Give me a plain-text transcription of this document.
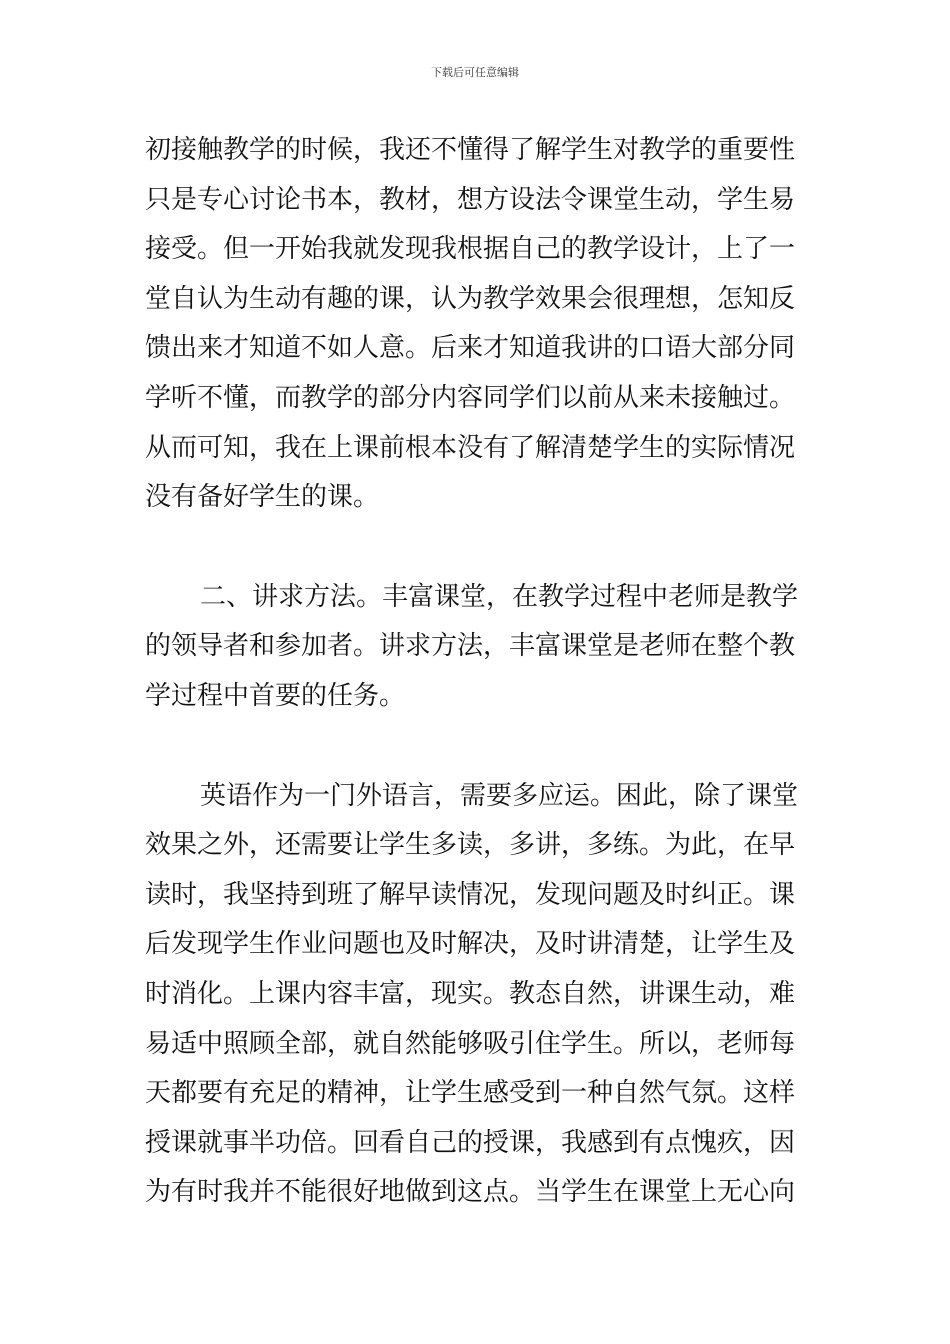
下载后可任意编辑
初接触教学的时候，我还不懂得了解学生对教学的重要性
只是专心讨论书本，教材，想方设法令课堂生动，学生易
接受。但一开始我就发现我根据自己的教学设计，上了一
堂自认为生动有趣的课，认为教学效果会很理想，怎知反
馈出来才知道不如人意。后来才知道我讲的口语大部分同
学听不懂，而教学的部分内容同学们以前从来未接触过。
从而可知，我在上课前根本没有了解清楚学生的实际情况
没有备好学生的课。
二、讲求方法。丰富课堂，在教学过程中老师是教学
的领导者和参加者。讲求方法，丰富课堂是老师在整个教
学过程中首要的任务。
英语作为一门外语言，需要多应运。困此，除了课堂
效果之外，还需要让学生多读，多讲，多练。为此，在早
读时，我坚持到班了解早读情况，发现问题及时纠正。课
后发现学生作业问题也及时解决，及时讲清楚，让学生及
时消化。上课内容丰富，现实。教态自然，讲课生动，难
易适中照顾全部，就自然能够吸引住学生。所以，老师每
天都要有充足的精神，让学生感受到一种自然气氛。这样
授课就事半功倍。回看自己的授课，我感到有点愧疚，因
为有时我并不能很好地做到这点。当学生在课堂上无心向
